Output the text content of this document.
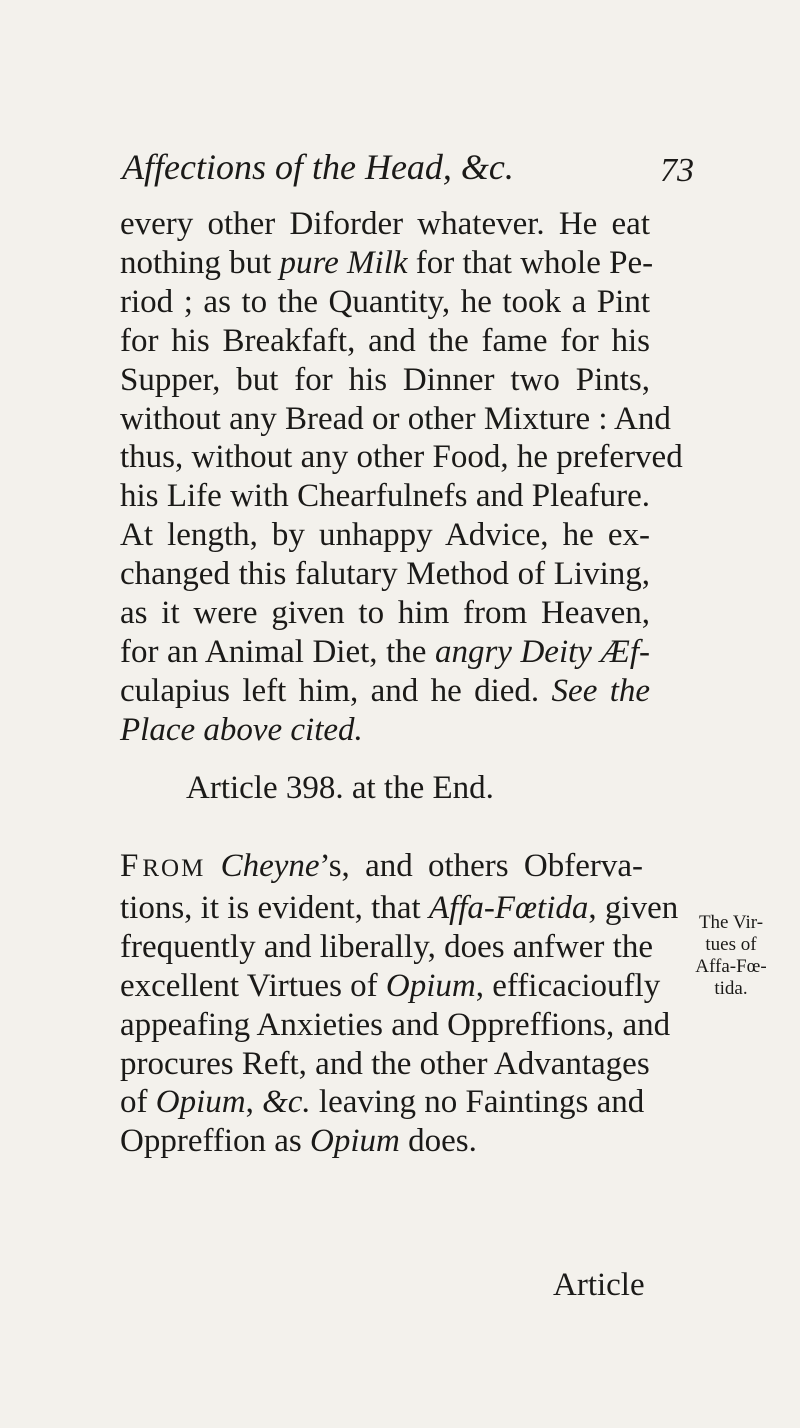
Affections of the Head, &c.	73
every other Diforder whatever. He eat
nothing but pure Milk for that whole Pe-
riod ; as to the Quantity, he took a Pint
for his Breakfaft, and the fame for his
Supper, but for his Dinner two Pints,
without any Bread or other Mixture : And
thus, without any other Food, he preferved
his Life with Chearfulnefs and Pleafure.
At length, by unhappy Advice, he ex-
changed this falutary Method of Living,
as it were given to him from Heaven,
for an Animal Diet, the angry Deity Æf-
culapius left him, and he died. See the
Place above cited.
Article 398. at the End.
FROM Cheyne’s, and others Obferva-
tions, it is evident, that Affa-Fœtida, given
frequently and liberally, does anfwer the
excellent Virtues of Opium, efficacioufly
appeafing Anxieties and Oppreffions, and
procures Reft, and the other Advantages
of Opium, &c. leaving no Faintings and
Oppreffion as Opium does.
The Vir-
tues of
Affa-Fœ-
tida.
Article
